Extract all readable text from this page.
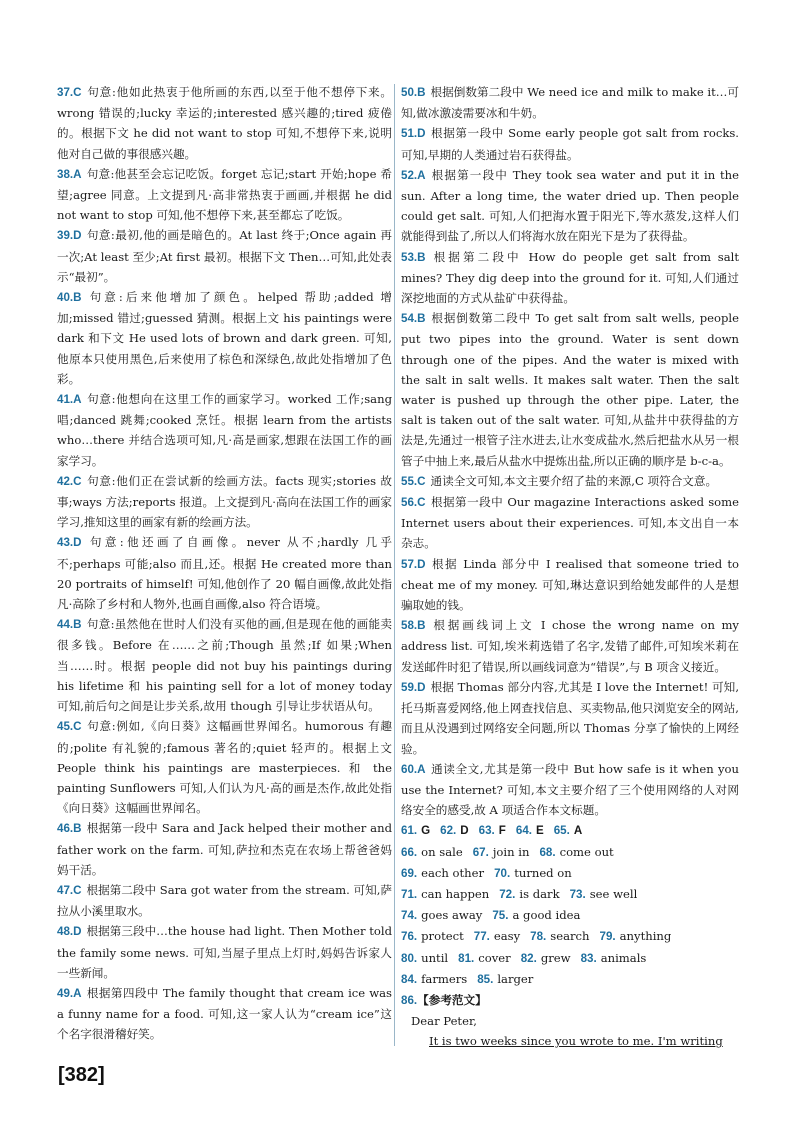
37.C 句意:他如此热衷于他所画的东西,以至于他不想停下来。wrong 错误的;lucky 幸运的;interested 感兴趣的;tired 疲倦的。根据下文 he did not want to stop 可知,不想停下来,说明他对自己做的事很感兴趣。

38.A 句意:他甚至会忘记吃饭。forget 忘记;start 开始;hope 希望;agree 同意。上文提到凡·高非常热衷于画画,并根据 he did not want to stop 可知,他不想停下来,甚至都忘了吃饭。

39.D 句意:最初,他的画是暗色的。At last 终于;Once again 再一次;At least 至少;At first 最初。根据下文 Then…可知,此处表示“最初”。

40.B 句意:后来他增加了颜色。helped 帮助;added 增加;missed 错过;guessed 猜测。根据上文 his paintings were dark 和下文 He used lots of brown and dark green. 可知,他原本只使用黑色,后来使用了棕色和深绿色,故此处指增加了色彩。

41.A 句意:他想向在这里工作的画家学习。worked 工作;sang 唱;danced 跳舞;cooked 烹饪。根据 learn from the artists who…there 并结合选项可知,凡·高是画家,想跟在法国工作的画家学习。

42.C 句意:他们正在尝试新的绘画方法。facts 现实;stories 故事;ways 方法;reports 报道。上文提到凡·高向在法国工作的画家学习,推知这里的画家有新的绘画方法。

43.D 句意:他还画了自画像。never 从不;hardly 几乎不;perhaps 可能;also 而且,还。根据 He created more than 20 portraits of himself! 可知,他创作了 20 幅自画像,故此处指凡·高除了乡村和人物外,也画自画像,also 符合语境。

44.B 句意:虽然他在世时人们没有买他的画,但是现在他的画能卖很多钱。Before 在……之前;Though 虽然;If 如果;When 当……时。根据 people did not buy his paintings during his lifetime 和 his painting sell for a lot of money today 可知,前后句之间是让步关系,故用 though 引导让步状语从句。

45.C 句意:例如,《向日葵》这幅画世界闻名。humorous 有趣的;polite 有礼貌的;famous 著名的;quiet 轻声的。根据上文 People think his paintings are masterpieces. 和 the painting Sunflowers 可知,人们认为凡·高的画是杰作,故此处指《向日葵》这幅画世界闻名。

46.B 根据第一段中 Sara and Jack helped their mother and father work on the farm. 可知,萨拉和杰克在农场上帮爸爸妈妈干活。

47.C 根据第二段中 Sara got water from the stream. 可知,萨拉从小溪里取水。

48.D 根据第三段中…the house had light. Then Mother told the family some news. 可知,当屋子里点上灯时,妈妈告诉家人一些新闻。

49.A 根据第四段中 The family thought that cream ice was a funny name for a food. 可知,这一家人认为“cream ice”这个名字很滑稽好笑。

50.B 根据倒数第二段中 We need ice and milk to make it…可知,做冰激凌需要冰和牛奶。

51.D 根据第一段中 Some early people got salt from rocks. 可知,早期的人类通过岩石获得盐。

52.A 根据第一段中 They took sea water and put it in the sun. After a long time, the water dried up. Then people could get salt. 可知,人们把海水置于阳光下,等水蒸发,这样人们就能得到盐了,所以人们将海水放在阳光下是为了获得盐。

53.B 根据第二段中 How do people get salt from salt mines? They dig deep into the ground for it. 可知,人们通过深挖地面的方式从盐矿中获得盐。

54.B 根据倒数第二段中 To get salt from salt wells, people put two pipes into the ground. Water is sent down through one of the pipes. And the water is mixed with the salt in salt wells. It makes salt water. Then the salt water is pushed up through the other pipe. Later, the salt is taken out of the salt water. 可知,从盐井中获得盐的方法是,先通过一根管子注水进去,让水变成盐水,然后把盐水从另一根管子中抽上来,最后从盐水中提炼出盐,所以正确的顺序是 b-c-a。

55.C 通读全文可知,本文主要介绍了盐的来源,C 项符合文意。

56.C 根据第一段中 Our magazine Interactions asked some Internet users about their experiences. 可知,本文出自一本杂志。

57.D 根据 Linda 部分中 I realised that someone tried to cheat me of my money. 可知,琳达意识到给她发邮件的人是想骗取她的钱。

58.B 根据画线词上文 I chose the wrong name on my address list. 可知,埃米莉选错了名字,发错了邮件,可知埃米莉在发送邮件时犯了错误,所以画线词意为“错误”,与 B 项含义接近。

59.D 根据 Thomas 部分内容,尤其是 I love the Internet! 可知,托马斯喜爱网络,他上网查找信息、买卖物品,他只浏览安全的网站,而且从没遇到过网络安全问题,所以 Thomas 分享了愉快的上网经验。

60.A 通读全文,尤其是第一段中 But how safe is it when you use the Internet? 可知,本文主要介绍了三个使用网络的人对网络安全的感受,故 A 项适合作本文标题。

61. G 62. D 63. F 64. E 65. A

66. on sale 67. join in 68. come out

69. each other 70. turned on

71. can happen 72. is dark 73. see well

74. goes away 75. a good idea

76. protect 77. easy 78. search 79. anything

80. until 81. cover 82. grew 83. animals

84. farmers 85. larger

86.【参考范文】

Dear Peter,

It is two weeks since you wrote to me. I'm writing

[382]
